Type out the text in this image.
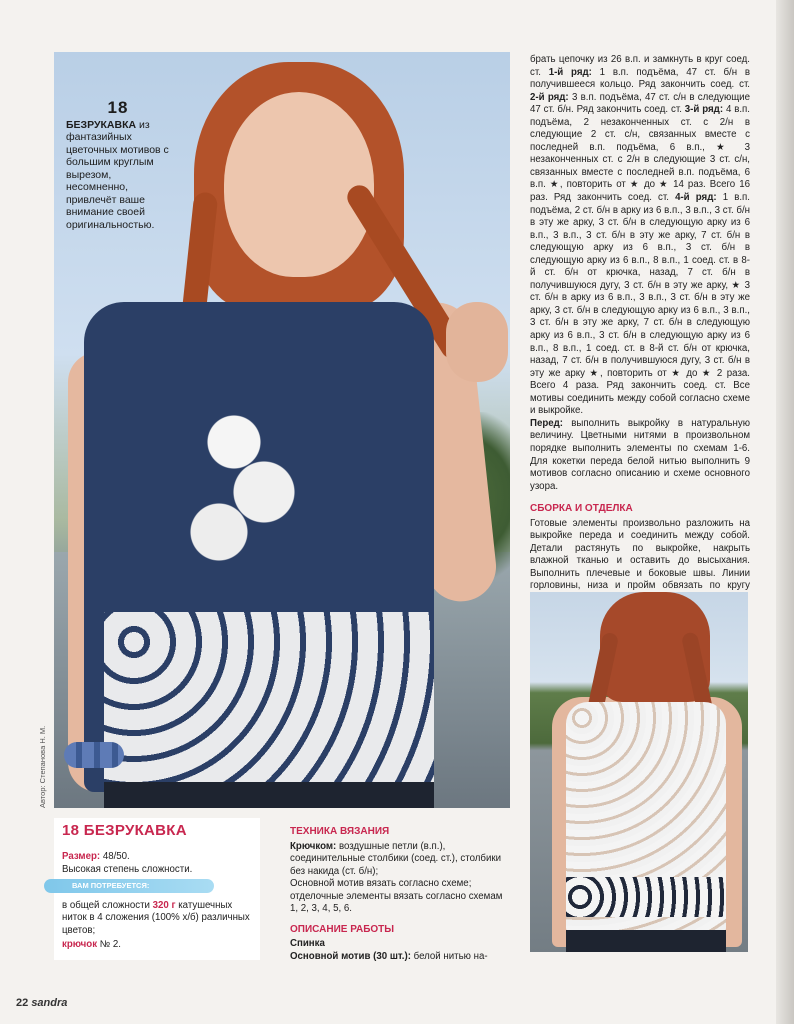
18
БЕЗРУКАВКА из фантазийных цветочных мотивов с большим круглым вырезом, несомненно, привлечёт ваше внимание своей оригинальностью.
Автор: Степанова Н. М.

брать цепочку из 26 в.п. и замкнуть в круг соед. ст. 1-й ряд: 1 в.п. подъёма, 47 ст. б/н в получившееся кольцо. Ряд закончить соед. ст. 2-й ряд: 3 в.п. подъёма, 47 ст. с/н в следующие 47 ст. б/н. Ряд закончить соед. ст. 3-й ряд: 4 в.п. подъёма, 2 незаконченных ст. с 2/н в следующие 2 ст. с/н, связанных вместе с последней в.п. подъёма, 6 в.п., ★ 3 незаконченных ст. с 2/н в следующие 3 ст. с/н, связанных вместе с последней в.п. подъёма, 6 в.п. ★, повторить от ★ до ★ 14 раз. Всего 16 раз. Ряд закончить соед. ст. 4-й ряд: 1 в.п. подъёма, 2 ст. б/н в арку из 6 в.п., 3 в.п., 3 ст. б/н в эту же арку, 3 ст. б/н в следующую арку из 6 в.п., 3 в.п., 3 ст. б/н в эту же арку, 7 ст. б/н в следующую арку из 6 в.п., 3 ст. б/н в следующую арку из 6 в.п., 8 в.п., 1 соед. ст. в 8-й ст. б/н от крючка, назад, 7 ст. б/н в получившуюся дугу, 3 ст. б/н в эту же арку, ★ 3 ст. б/н в арку из 6 в.п., 3 в.п., 3 ст. б/н в эту же арку, 3 ст. б/н в следующую арку из 6 в.п., 3 в.п., 3 ст. б/н в эту же арку, 7 ст. б/н в следующую арку из 6 в.п., 3 ст. б/н в следующую арку из 6 в.п., 8 в.п., 1 соед. ст. в 8-й ст. б/н от крючка, назад, 7 ст. б/н в получившуюся дугу, 3 ст. б/н в эту же арку ★, повторить от ★ до ★ 2 раза. Всего 4 раза. Ряд закончить соед. ст. Все мотивы соединить между собой согласно схеме и выкройке.

Перед: выполнить выкройку в натуральную величину. Цветными нитями в произвольном порядке выполнить элементы по схемам 1-6. Для кокетки переда белой нитью выполнить 9 мотивов согласно описанию и схеме основного узора.

СБОРКА И ОТДЕЛКА

Готовые элементы произвольно разложить на выкройке переда и соединить между собой. Детали растянуть по выкройке, накрыть влажной тканью и оставить до высыхания. Выполнить плечевые и боковые швы. Линии горловины, низа и пройм обвязать по кругу

18 БЕЗРУКАВКА
Размер: 48/50.
Высокая степень сложности.
ВАМ ПОТРЕБУЕТСЯ:
в общей сложности 320 г катушечных ниток в 4 сложения (100% х/б) различных цветов;
крючок № 2.
ТЕХНИКА ВЯЗАНИЯ

Крючком: воздушные петли (в.п.), соединительные столбики (соед. ст.), столбики без накида (ст. б/н);

Основной мотив вязать согласно схеме; отделочные элементы вязать согласно схемам 1, 2, 3, 4, 5, 6.

ОПИСАНИЕ РАБОТЫ

Спинка

Основной мотив (30 шт.): белой нитью на-

22 sandra
